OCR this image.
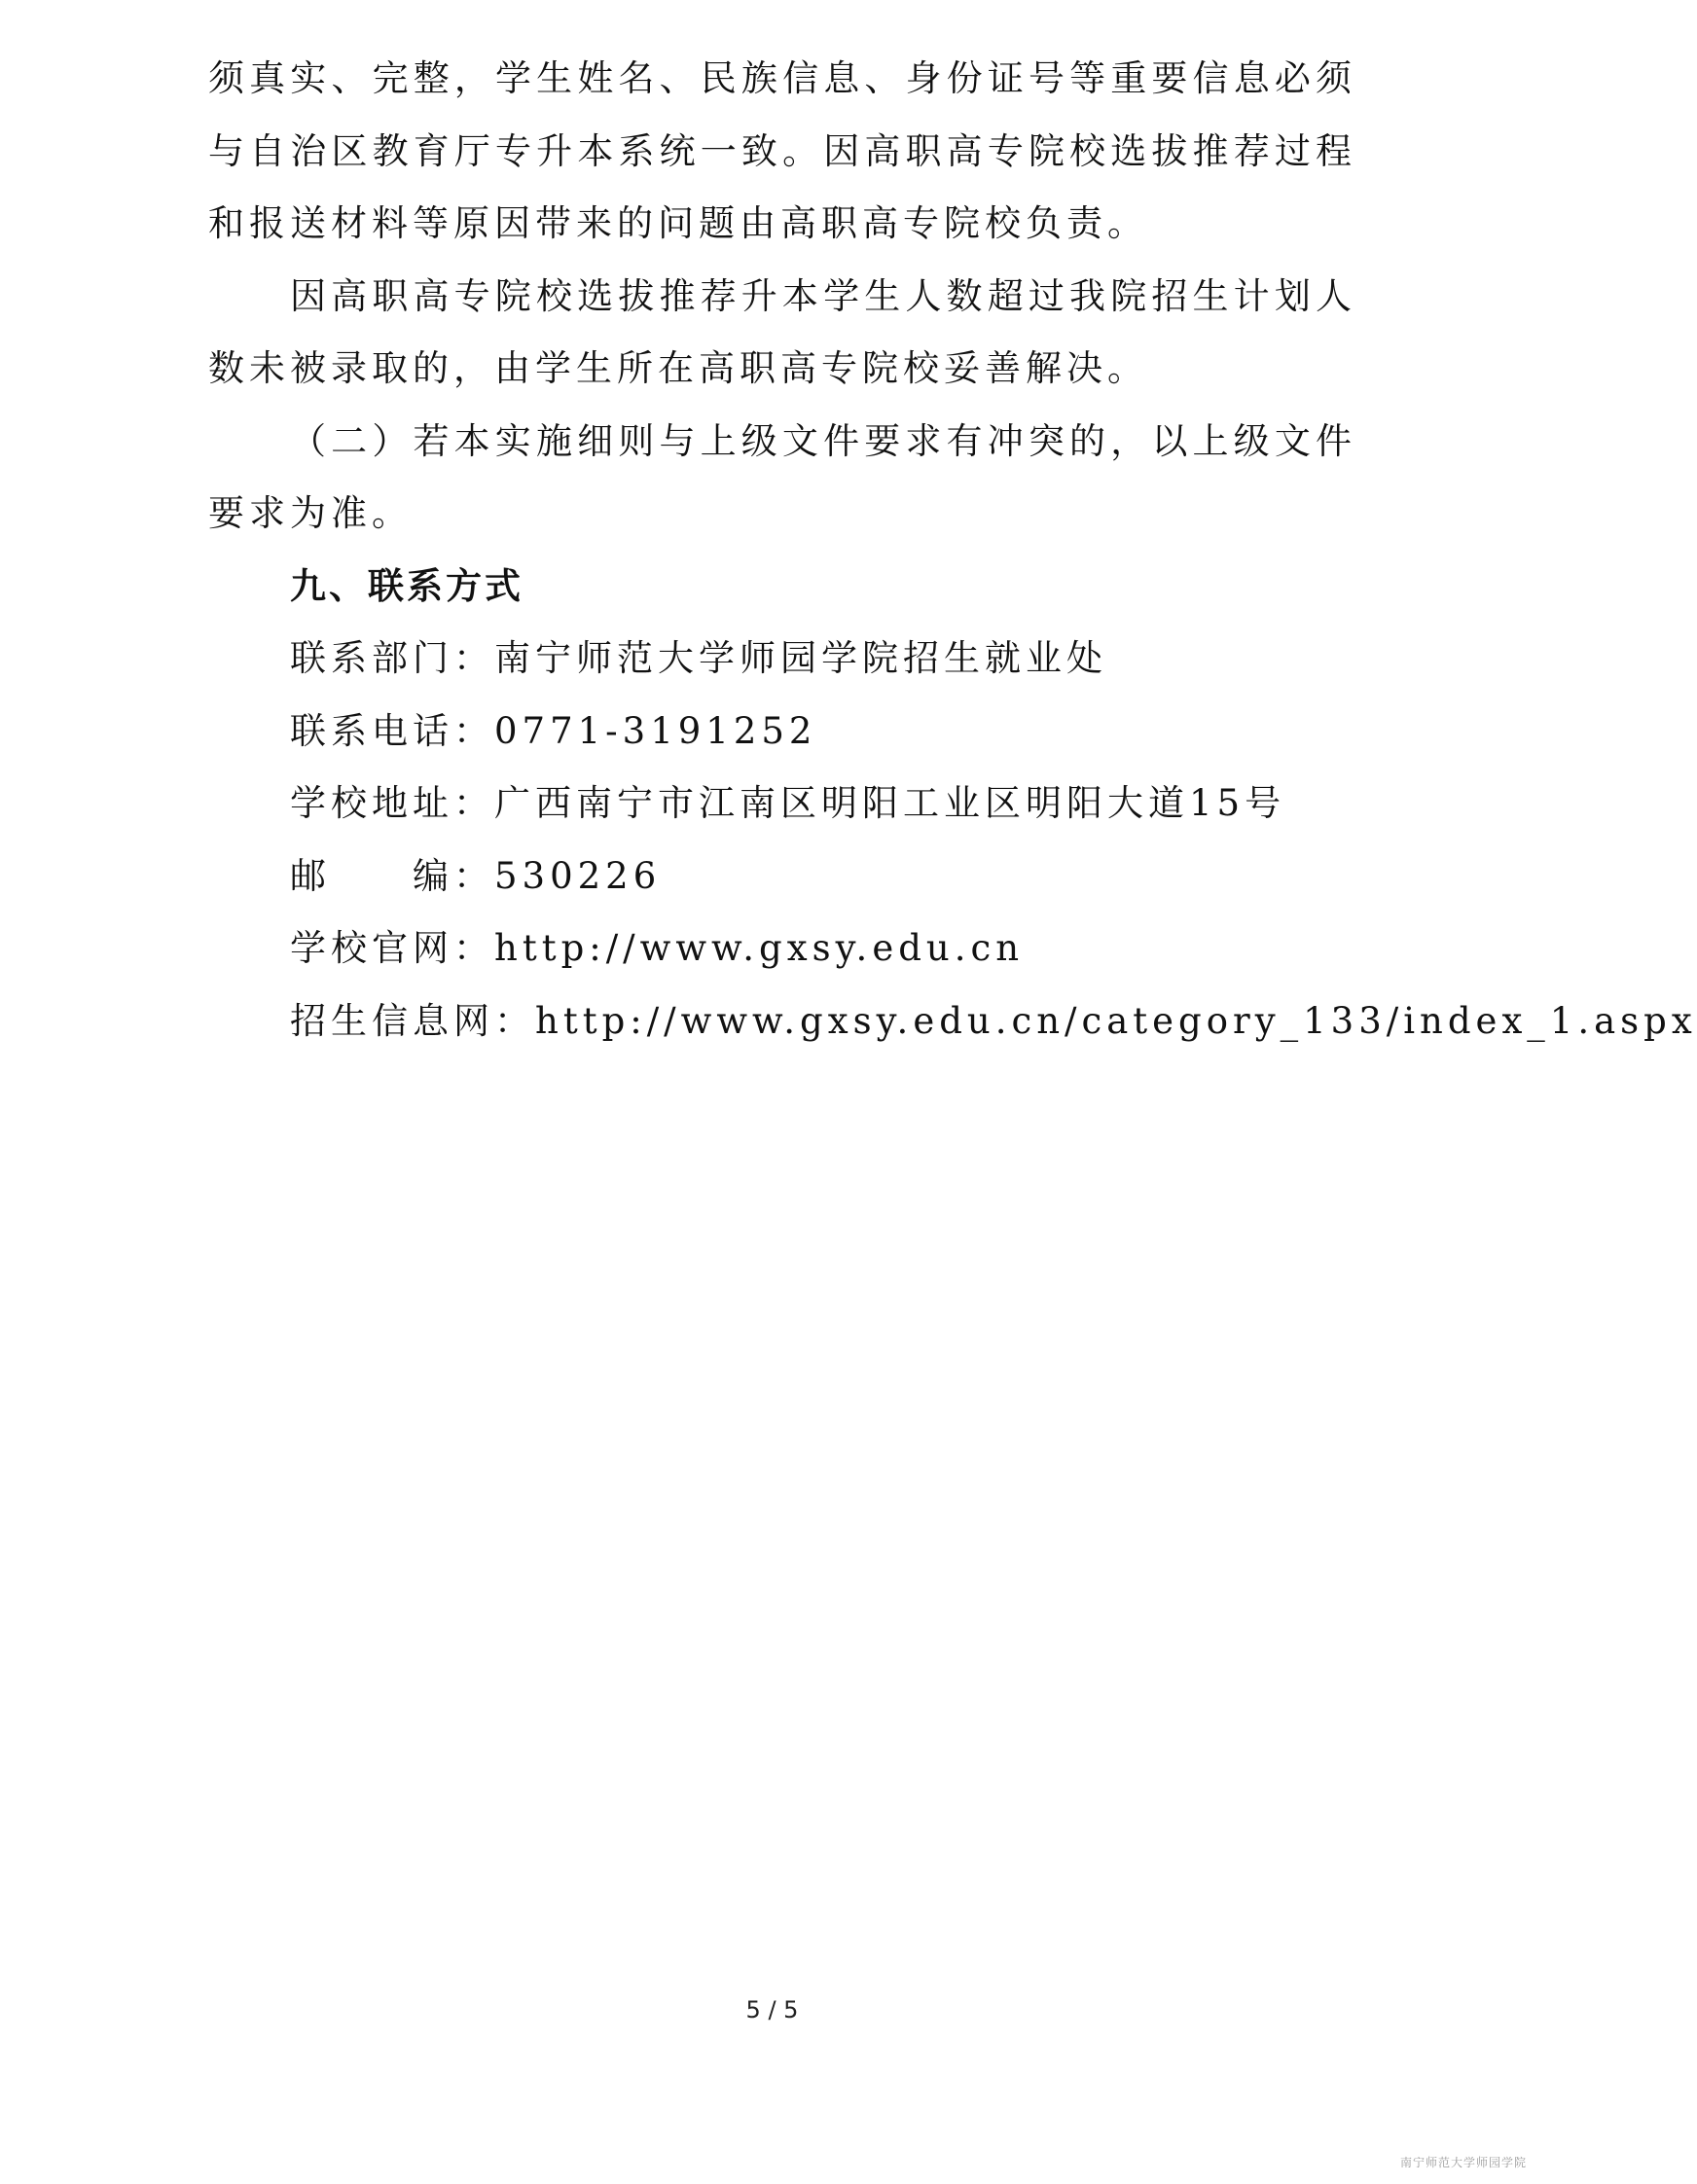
须真实、完整，学生姓名、民族信息、身份证号等重要信息必须与自治区教育厅专升本系统一致。因高职高专院校选拔推荐过程和报送材料等原因带来的问题由高职高专院校负责。

因高职高专院校选拔推荐升本学生人数超过我院招生计划人数未被录取的，由学生所在高职高专院校妥善解决。

（二）若本实施细则与上级文件要求有冲突的，以上级文件要求为准。

九、联系方式

联系部门：南宁师范大学师园学院招生就业处

联系电话：0771-3191252

学校地址：广西南宁市江南区明阳工业区明阳大道15号

邮　　编：530226

学校官网：http://www.gxsy.edu.cn

招生信息网：http://www.gxsy.edu.cn/category_133/index_1.aspx

5 / 5
南宁师范大学师园学院
